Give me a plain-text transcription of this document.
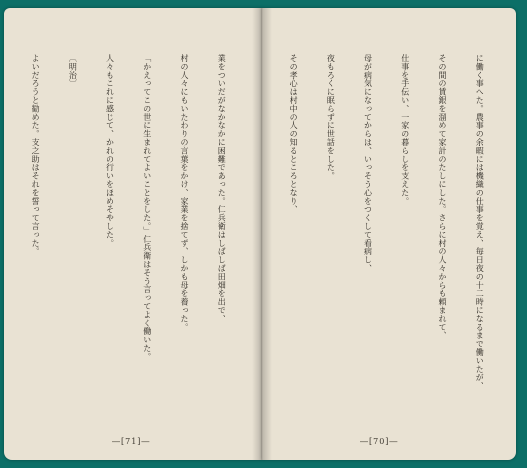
業をついだがなかなかに困難であった。仁兵衛はしばしば田畑を出で、

村の人々にもいたわりの言葉をかけ、家業を捨てず、しかも母を養った。

「かえってこの世に生まれてよいことをした。」仁兵衛はそう言ってよく働いた。

人々もこれに感じて、かれの行いをほめそやした。

〔明治〕

よいだろうと勧めた。支之助はそれを誓って言った。

―[71]―

に働く事へた。農事の余暇には機織の仕事を覚え、毎日夜の十二時になるまで働いたが、

その間の賃銀を溜めて家計のたしにした。さらに村の人々からも頼まれて、

仕事を手伝い、一家の暮らしを支えた。

母が病気になってからは、いっそう心をつくして看病し、

夜もろくに眠らずに世話をした。

その孝心は村中の人の知るところとなり、

―[70]―
